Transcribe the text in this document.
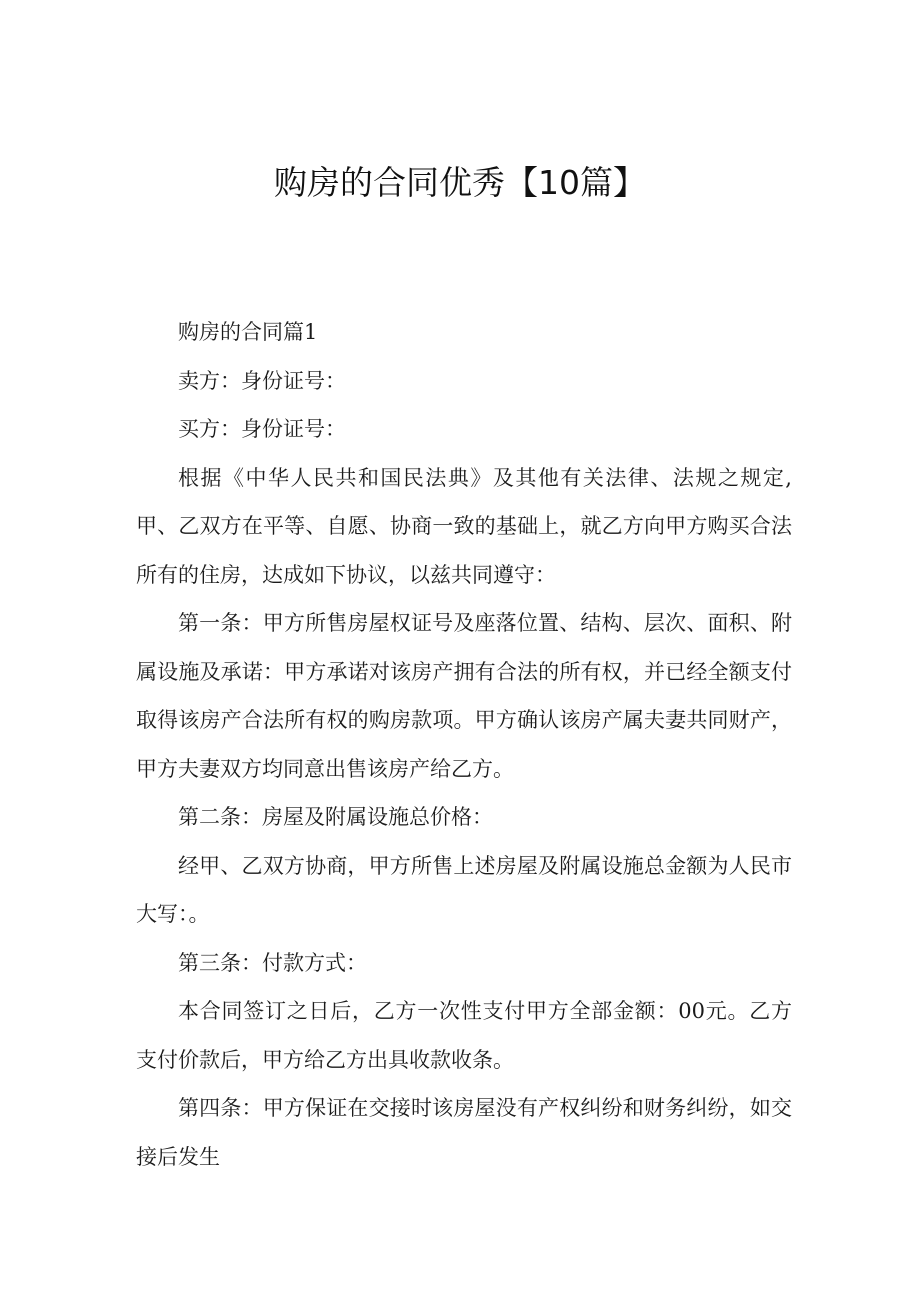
购房的合同优秀【10篇】

购房的合同篇1

卖方：身份证号：

买方：身份证号：

根据《中华人民共和国民法典》及其他有关法律、法规之规定,甲、乙双方在平等、自愿、协商一致的基础上，就乙方向甲方购买合法所有的住房，达成如下协议，以兹共同遵守：

第一条：甲方所售房屋权证号及座落位置、结构、层次、面积、附属设施及承诺：甲方承诺对该房产拥有合法的所有权，并已经全额支付取得该房产合法所有权的购房款项。甲方确认该房产属夫妻共同财产，甲方夫妻双方均同意出售该房产给乙方。

第二条：房屋及附属设施总价格：

经甲、乙双方协商，甲方所售上述房屋及附属设施总金额为人民市大写：。

第三条：付款方式：

本合同签订之日后，乙方一次性支付甲方全部金额：00元。乙方支付价款后，甲方给乙方出具收款收条。

第四条：甲方保证在交接时该房屋没有产权纠纷和财务纠纷，如交接后发生
